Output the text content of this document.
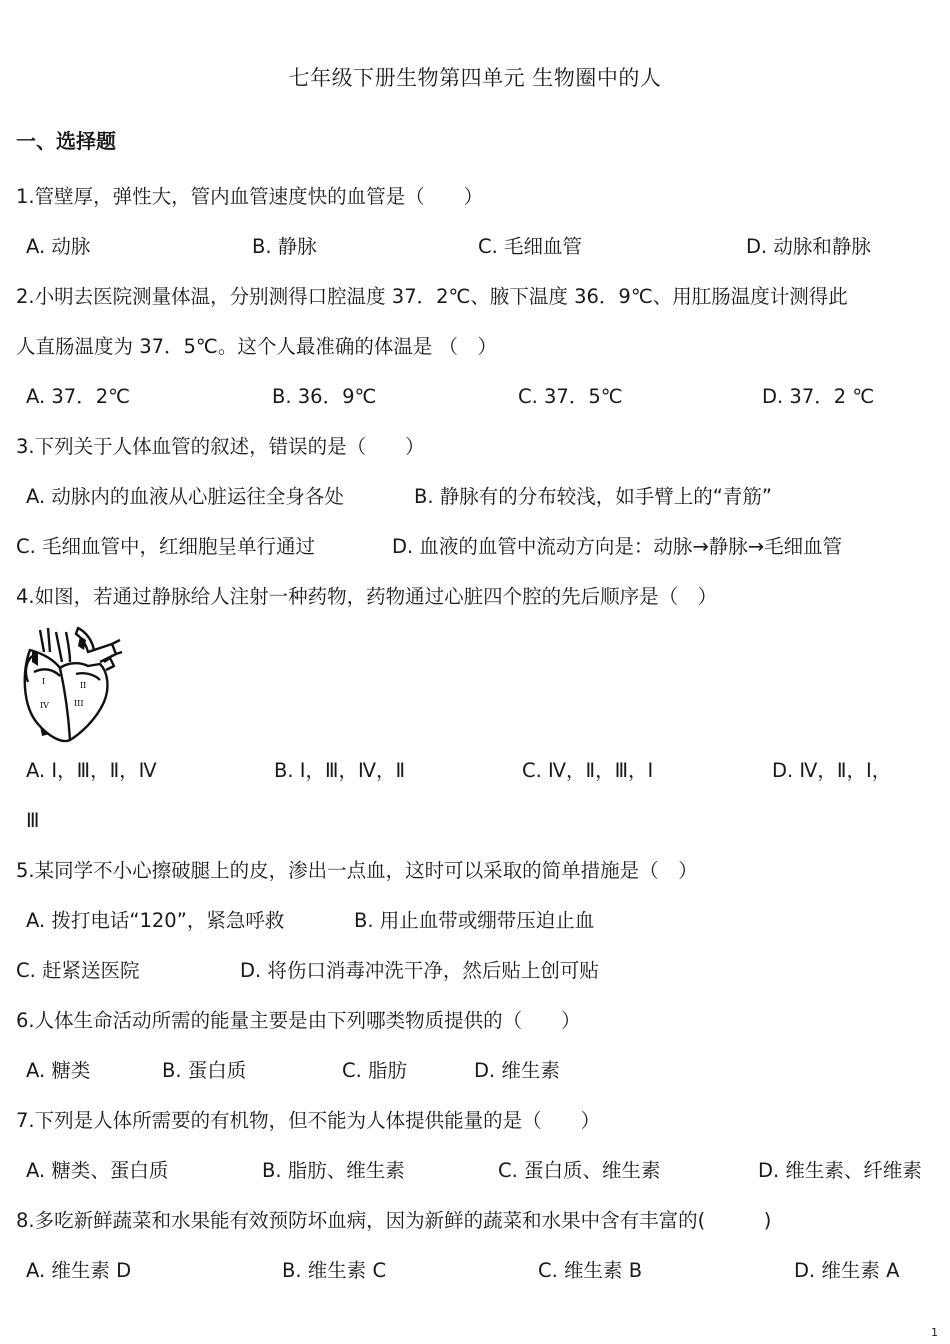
七年级下册生物第四单元 生物圈中的人
一、选择题
1.管壁厚，弹性大，管内血管速度快的血管是（　　）
A. 动脉	B. 静脉	C. 毛细血管	D. 动脉和静脉
2.小明去医院测量体温，分别测得口腔温度 37．2℃、腋下温度 36．9℃、用肛肠温度计测得此
人直肠温度为 37．5℃。这个人最准确的体温是 （　）
A. 37．2℃	B. 36．9℃	C. 37．5℃	D. 37．2 ℃
3.下列关于人体血管的叙述，错误的是（　　）
A. 动脉内的血液从心脏运往全身各处	B. 静脉有的分布较浅，如手臂上的“青筋”
C. 毛细血管中，红细胞呈单行通过	D. 血液的血管中流动方向是：动脉→静脉→毛细血管
4.如图，若通过静脉给人注射一种药物，药物通过心脏四个腔的先后顺序是（　）
I	II
III
IV
A. Ⅰ，Ⅲ，Ⅱ，Ⅳ	B. Ⅰ，Ⅲ，Ⅳ，Ⅱ	C. Ⅳ，Ⅱ，Ⅲ，Ⅰ	D. Ⅳ，Ⅱ，Ⅰ，
Ⅲ
5.某同学不小心擦破腿上的皮，渗出一点血，这时可以采取的简单措施是（　）
A. 拨打电话“120”，紧急呼救	B. 用止血带或绷带压迫止血
C. 赶紧送医院	D. 将伤口消毒冲洗干净，然后贴上创可贴
6.人体生命活动所需的能量主要是由下列哪类物质提供的（　　）
A. 糖类	B. 蛋白质	C. 脂肪	D. 维生素
7.下列是人体所需要的有机物，但不能为人体提供能量的是（　　）
A. 糖类、蛋白质	B. 脂肪、维生素	C. 蛋白质、维生素	D. 维生素、纤维素
8.多吃新鲜蔬菜和水果能有效预防坏血病，因为新鲜的蔬菜和水果中含有丰富的(　　　)
A. 维生素 D	B. 维生素 C	C. 维生素 B	D. 维生素 A
1
